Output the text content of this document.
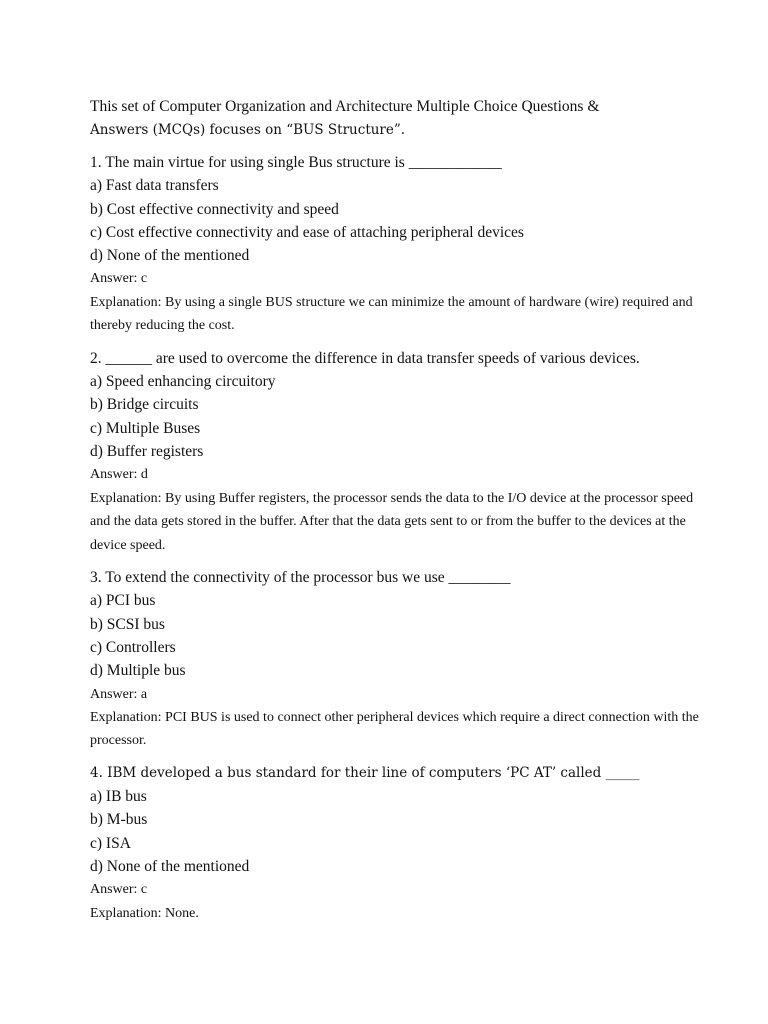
This set of Computer Organization and Architecture Multiple Choice Questions &
Answers (MCQs) focuses on “BUS Structure”.

1. The main virtue for using single Bus structure is ____________

a) Fast data transfers

b) Cost effective connectivity and speed

c) Cost effective connectivity and ease of attaching peripheral devices

d) None of the mentioned

Answer: c

Explanation: By using a single BUS structure we can minimize the amount of hardware (wire) required and thereby reducing the cost.

2. ______ are used to overcome the difference in data transfer speeds of various devices.

a) Speed enhancing circuitory

b) Bridge circuits

c) Multiple Buses

d) Buffer registers

Answer: d

Explanation: By using Buffer registers, the processor sends the data to the I/O device at the processor speed and the data gets stored in the buffer. After that the data gets sent to or from the buffer to the devices at the device speed.

3. To extend the connectivity of the processor bus we use ________

a) PCI bus

b) SCSI bus

c) Controllers

d) Multiple bus

Answer: a

Explanation: PCI BUS is used to connect other peripheral devices which require a direct connection with the processor.

4. IBM developed a bus standard for their line of computers ‘PC AT’ called _____

a) IB bus

b) M-bus

c) ISA

d) None of the mentioned

Answer: c

Explanation: None.
